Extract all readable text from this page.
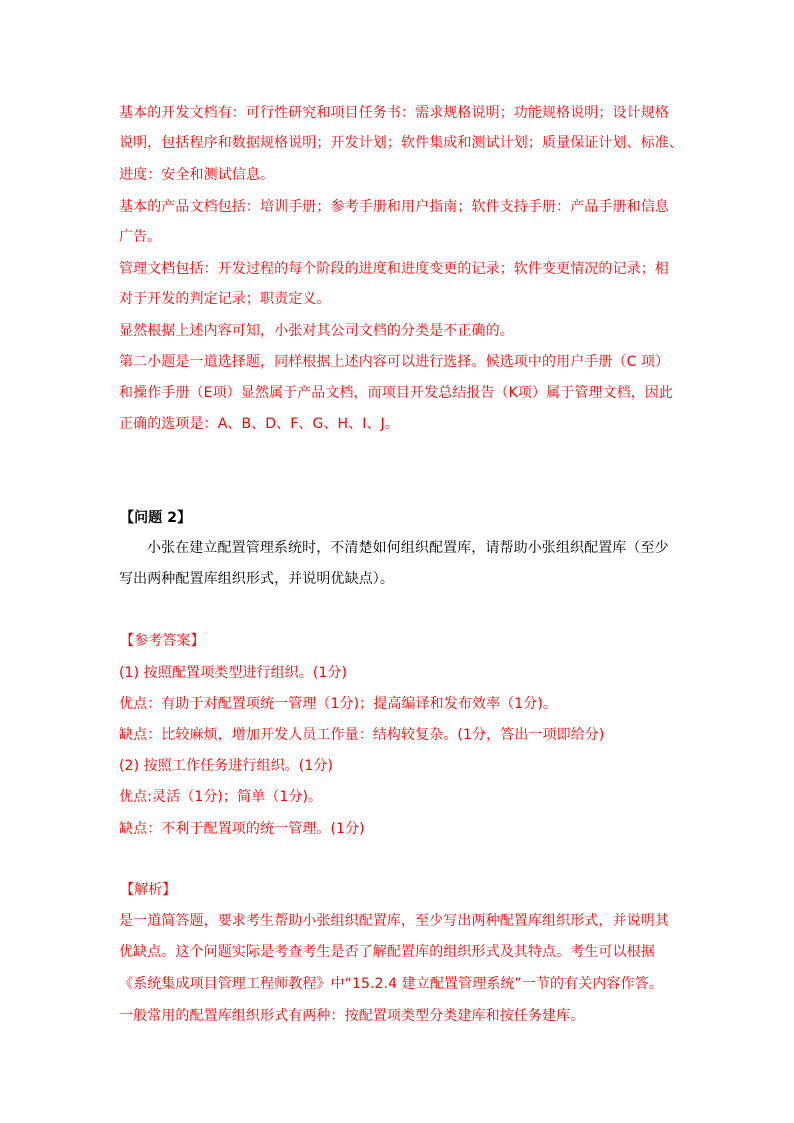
基本的开发文档有：可行性研究和项目任务书：需求规格说明；功能规格说明；设计规格
说明，包括程序和数据规格说明；开发计划；软件集成和测试计划；质量保证计划、标准、
进度：安全和测试信息。
基本的产品文档包括：培训手册；参考手册和用户指南；软件支持手册：产品手册和信息
广告。
管理文档包括：开发过程的每个阶段的进度和进度变更的记录；软件变更情况的记录；相
对于开发的判定记录；职责定义。
显然根据上述内容可知，小张对其公司文档的分类是不正确的。
第二小题是一道选择题，同样根据上述内容可以进行选择。候选项中的用户手册（C 项）
和操作手册（E项）显然属于产品文档，而项目开发总结报告（K项）属于管理文档，因此
正确的选项是：A、B、D、F、G、H、I、J。
【问题 2】
小张在建立配置管理系统时，不清楚如何组织配置库，请帮助小张组织配置库（至少
写出两种配置库组织形式，并说明优缺点）。
【参考答案】
(1) 按照配置项类型进行组织。(1分)
优点：有助于对配置项统一管理（1分)；提高编译和发布效率（1分)。
缺点：比较麻烦，增加开发人员工作量：结构较复杂。(1分，答出一项即给分)
(2) 按照工作任务进行组织。(1分)
优点:灵活（1分)；简单（1分)。
缺点：不利于配置项的统一管理。(1分)
【解析】
是一道简答题，要求考生帮助小张组织配置库，至少写出两种配置库组织形式，并说明其
优缺点。这个问题实际是考查考生是否了解配置库的组织形式及其特点。考生可以根据
《系统集成项目管理工程师教程》中“15.2.4 建立配置管理系统”一节的有关内容作答。
一般常用的配置库组织形式有两种：按配置项类型分类建库和按任务建库。
